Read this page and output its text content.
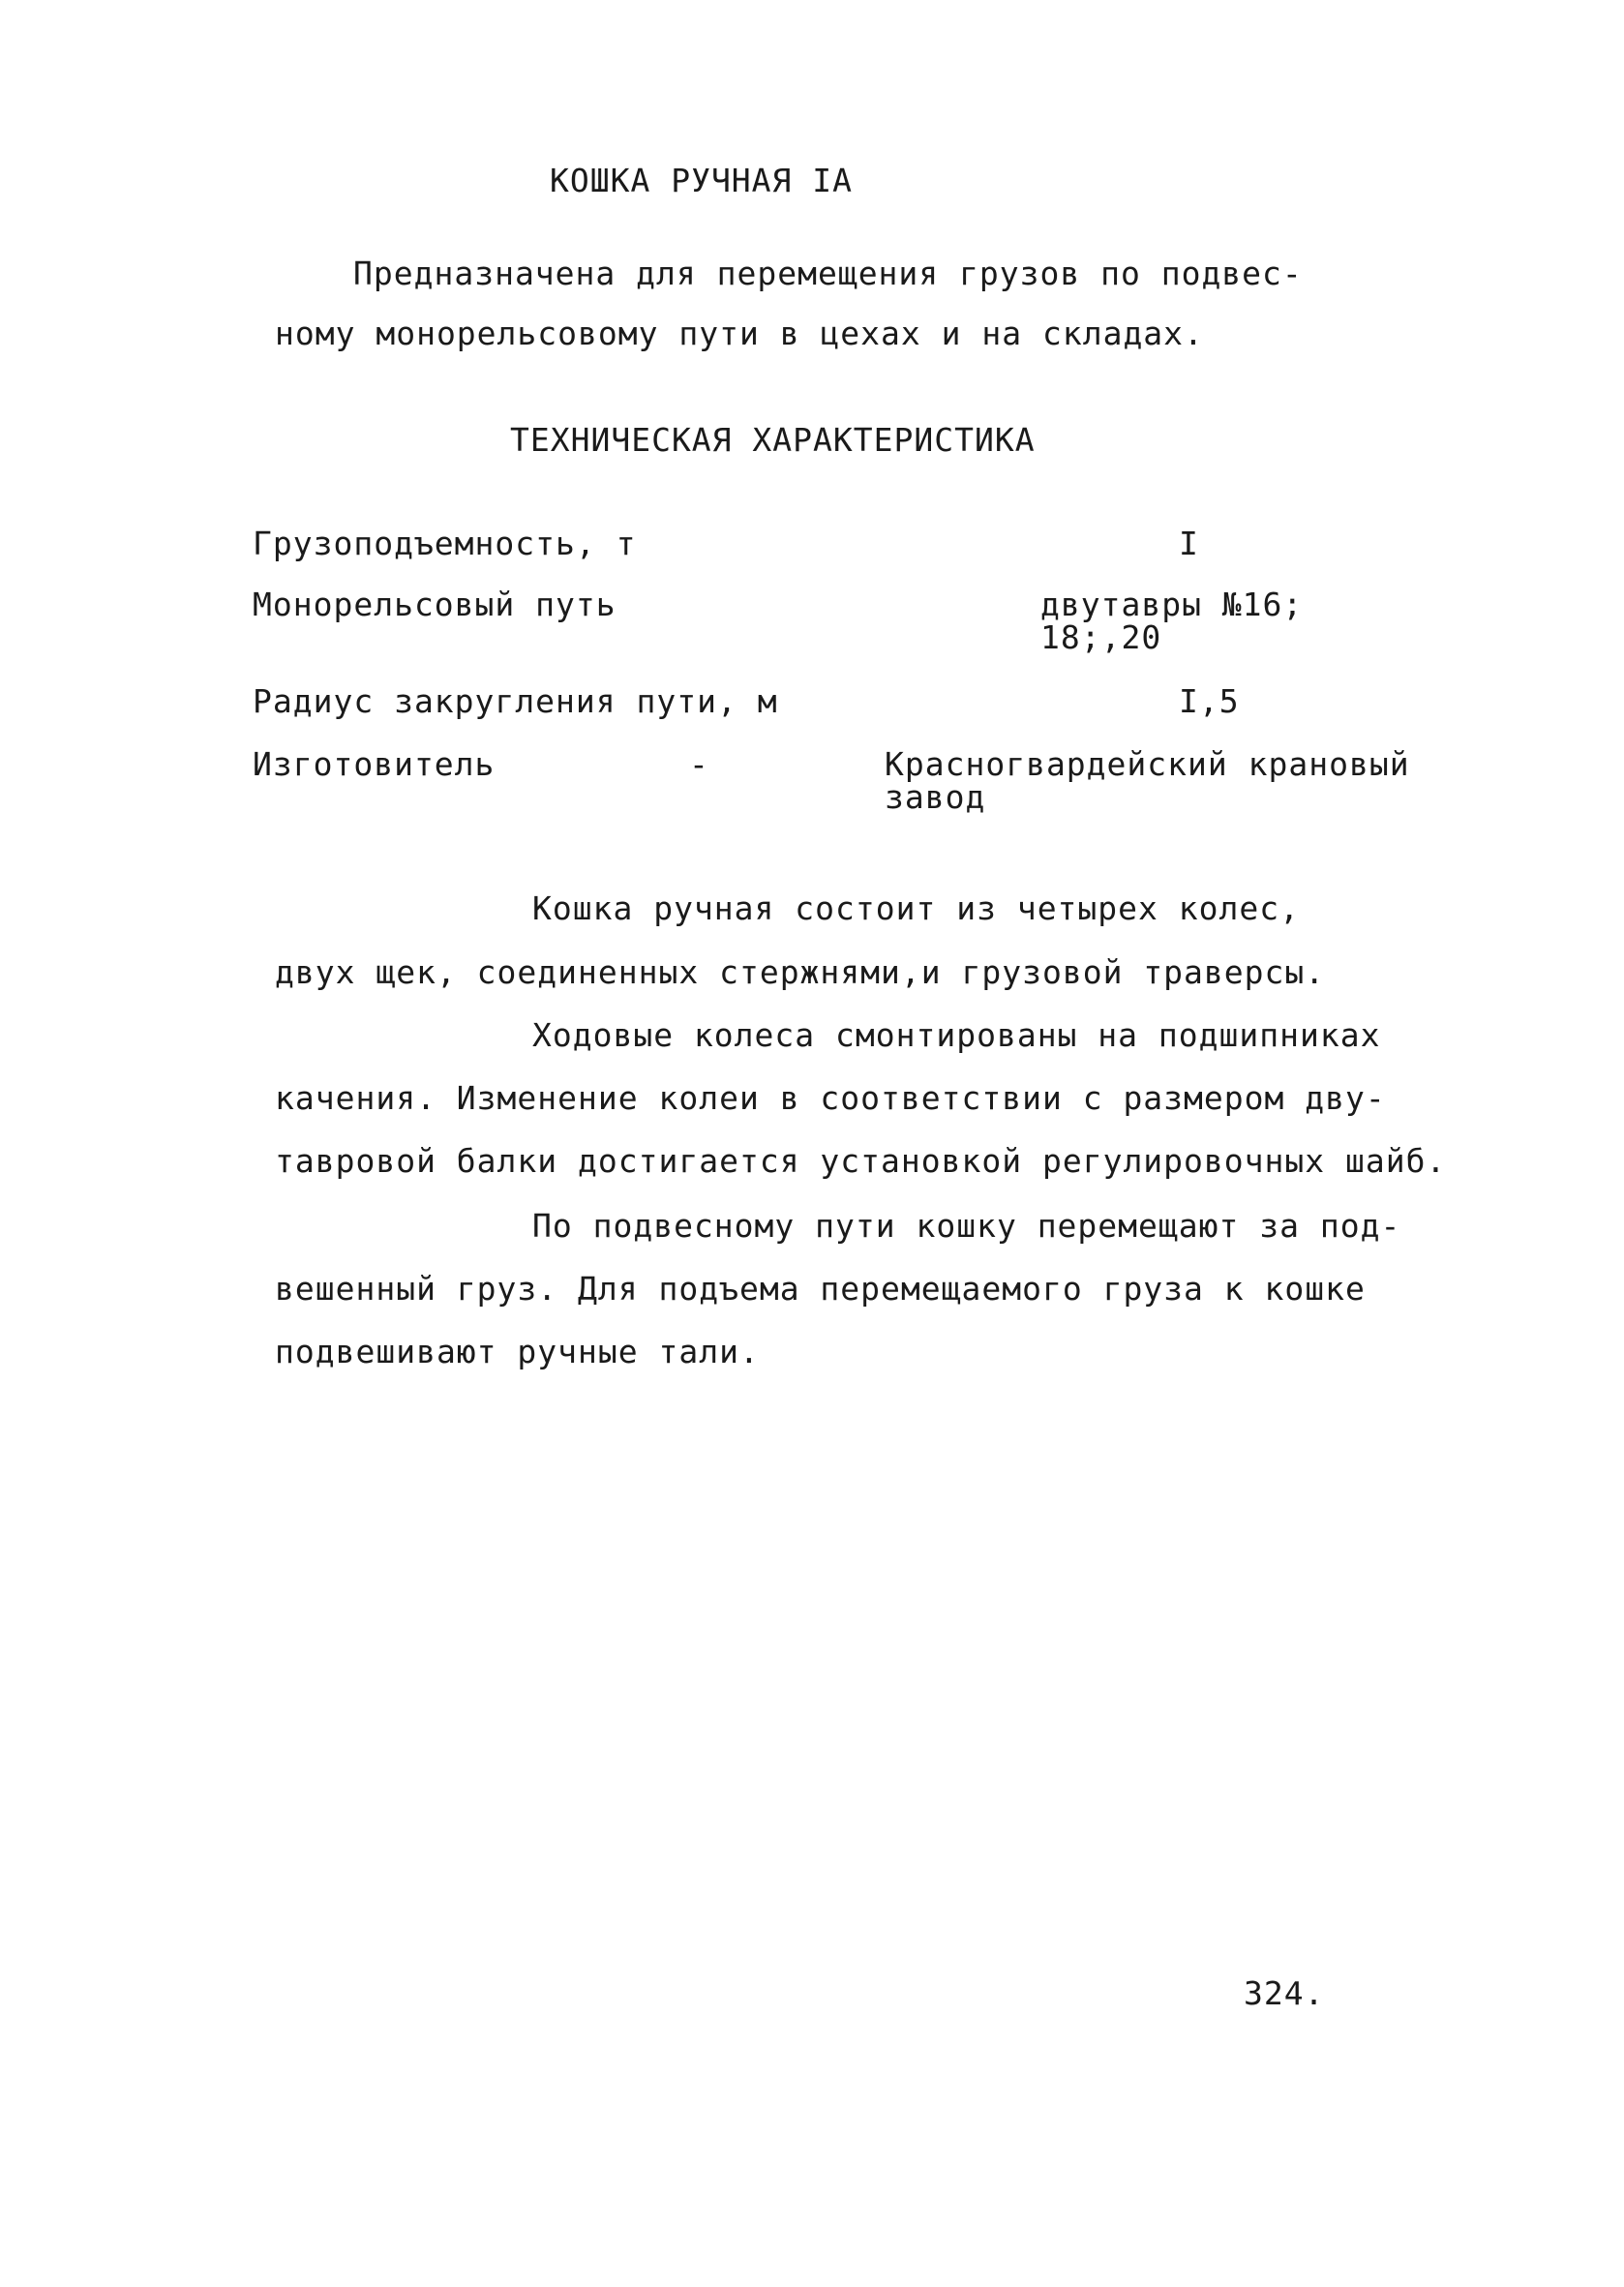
КОШКА РУЧНАЯ IА
Предназначена для перемещения грузов по подвес-
ному монорельсовому пути в цехах и на складах.
ТЕХНИЧЕСКАЯ ХАРАКТЕРИСТИКА
Грузоподъемность, т	I
Монорельсовый путь	двутавры №16;
18;,20
Радиус закругления пути, м	I,5
Изготовитель	-	Красногвардейский крановый
завод
Кошка ручная состоит из четырех колес,
двух щек, соединенных стержнями,и грузовой траверсы.
Ходовые колеса смонтированы на подшипниках
качения. Изменение колеи в соответствии с размером дву-
тавровой балки достигается установкой регулировочных шайб.
По подвесному пути кошку перемещают за под-
вешенный груз. Для подъема перемещаемого груза к кошке
подвешивают ручные тали.
324.
